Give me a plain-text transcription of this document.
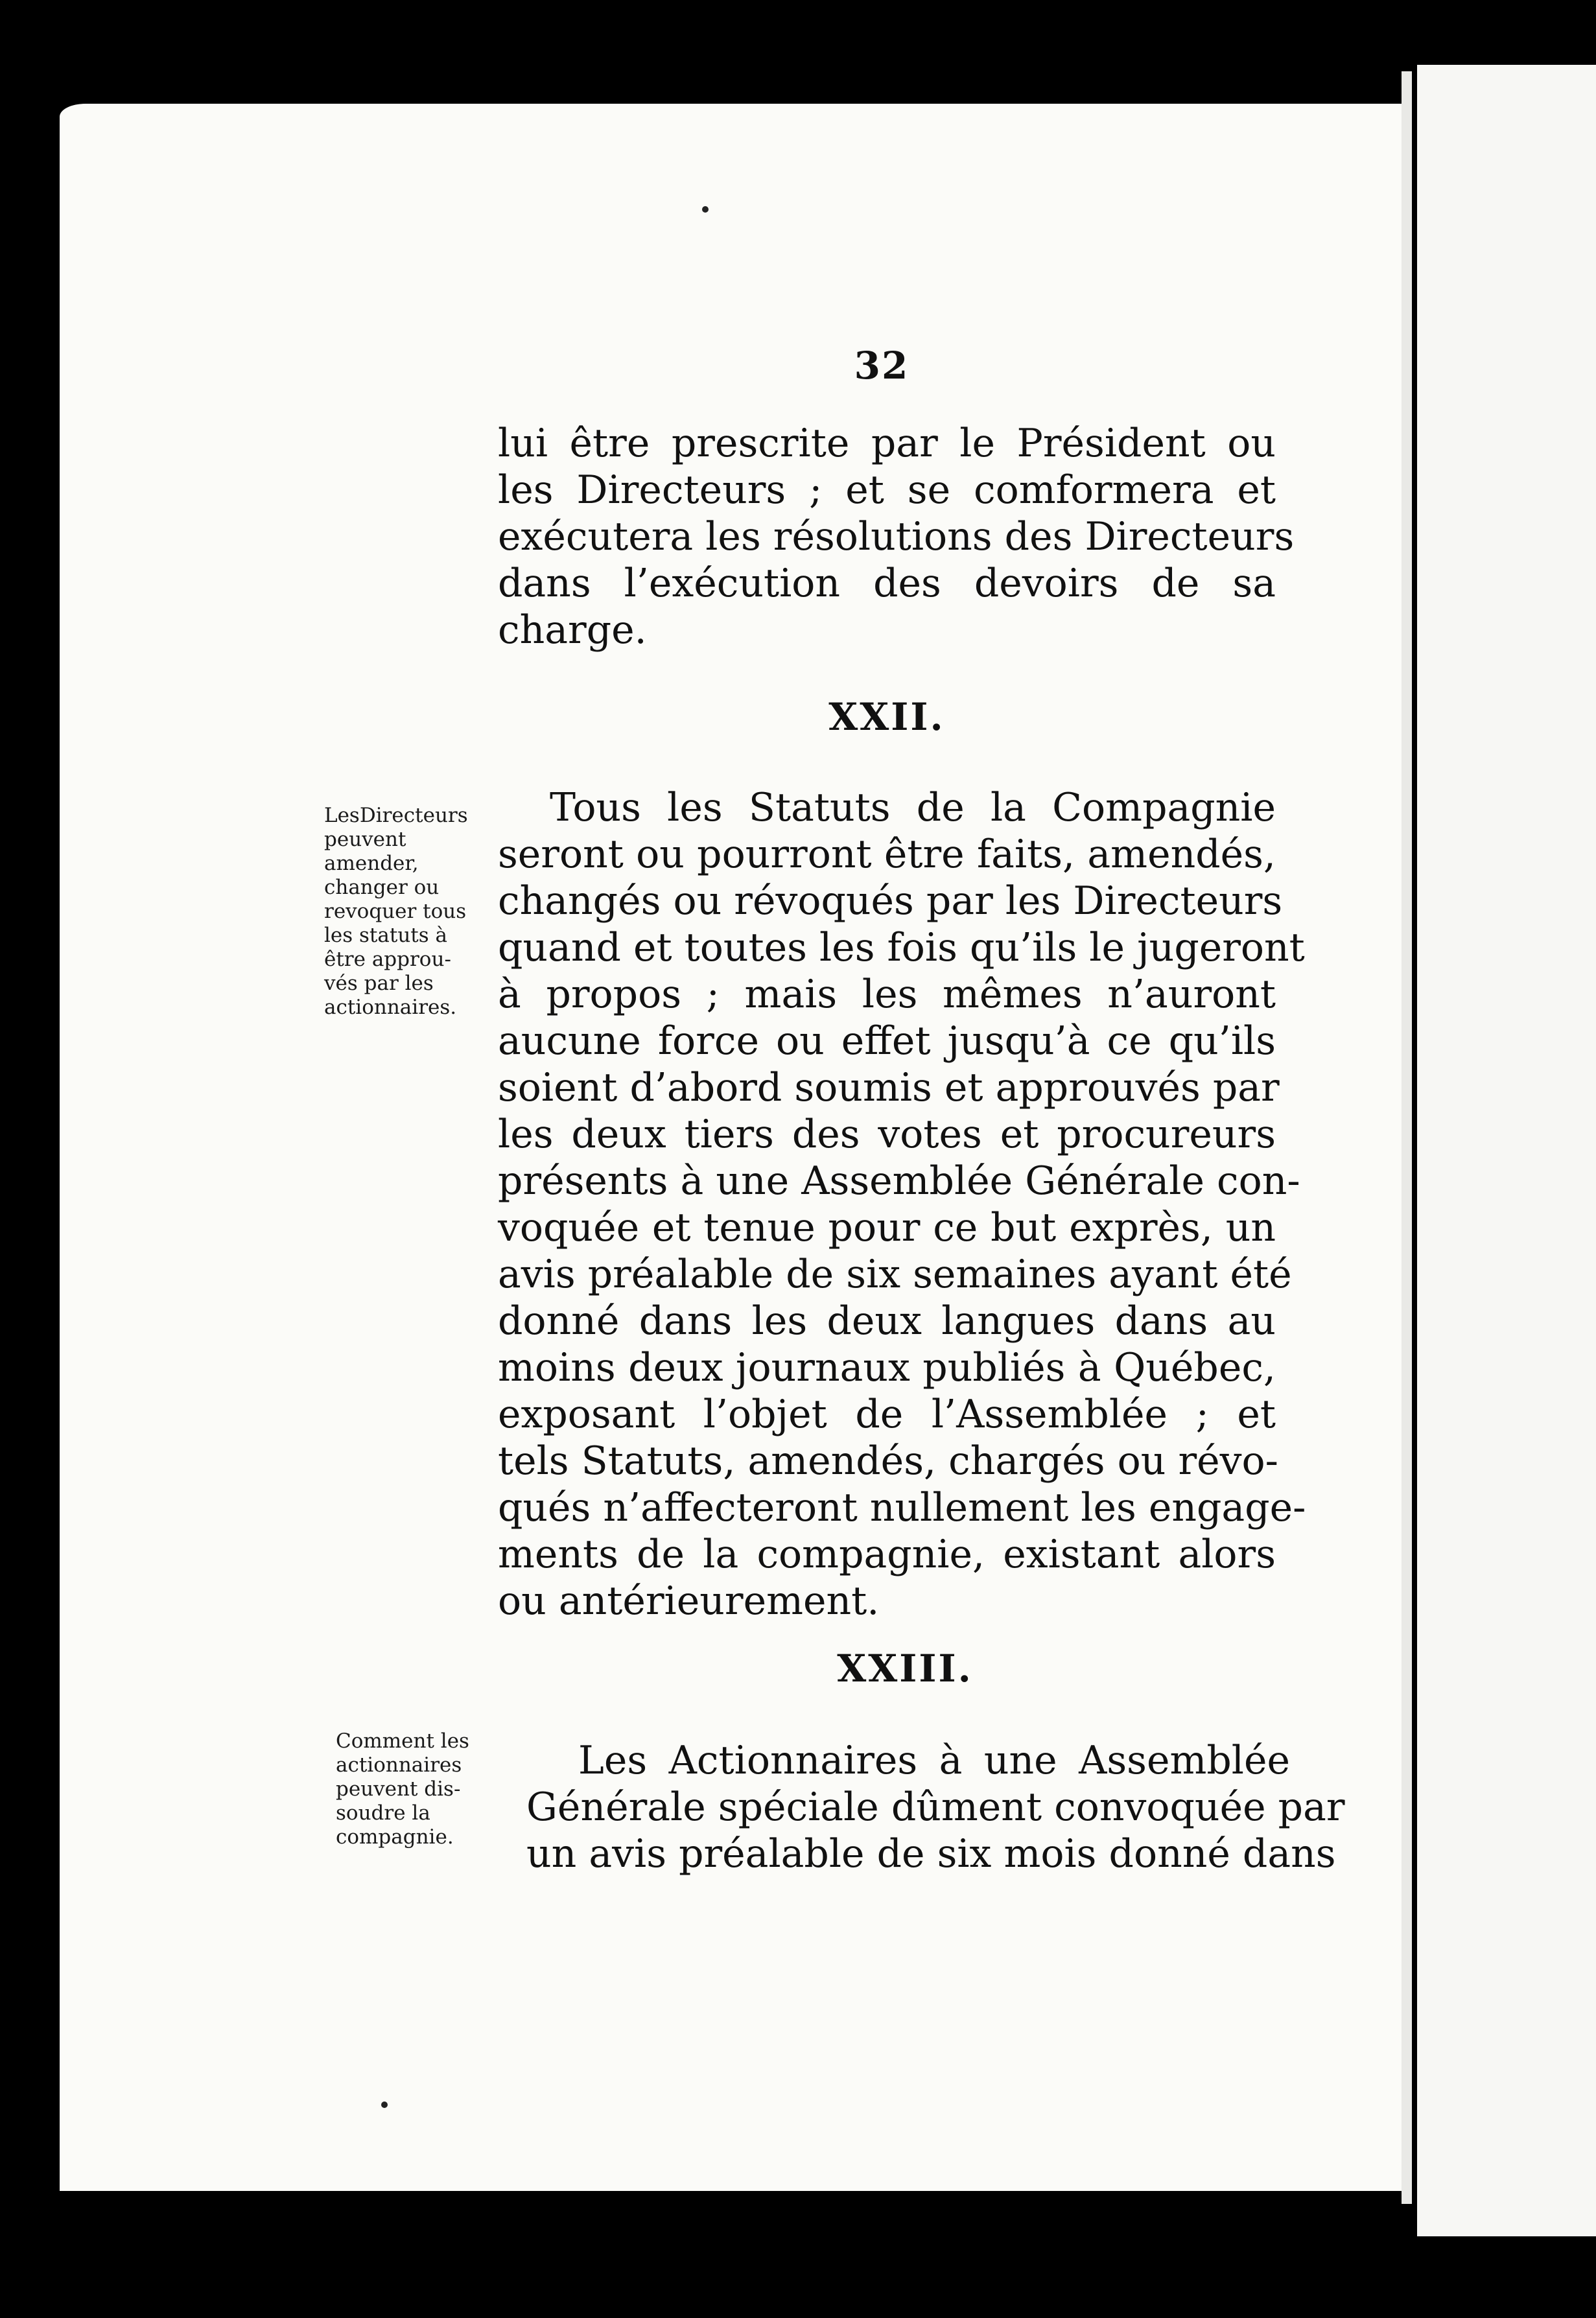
32
lui être prescrite par le Président ou
les Directeurs ; et se comformera et
exécutera les résolutions des Directeurs
dans l’exécution des devoirs de sa
charge.
XXII.
LesDirecteurs
peuvent
amender,
changer ou
revoquer tous
les statuts à
être approu-
vés par les
actionnaires.
Tous les Statuts de la Compagnie
seront ou pourront être faits, amendés,
changés ou révoqués par les Directeurs
quand et toutes les fois qu’ils le jugeront
à propos ; mais les mêmes n’auront
aucune force ou effet jusqu’à ce qu’ils
soient d’abord soumis et approuvés par
les deux tiers des votes et procureurs
présents à une Assemblée Générale con-
voquée et tenue pour ce but exprès, un
avis préalable de six semaines ayant été
donné dans les deux langues dans au
moins deux journaux publiés à Québec,
exposant l’objet de l’Assemblée ; et
tels Statuts, amendés, chargés ou révo-
qués n’affecteront nullement les engage-
ments de la compagnie, existant alors
ou antérieurement.
XXIII.
Comment les
actionnaires
peuvent dis-
soudre la
compagnie.
Les Actionnaires à une Assemblée
Générale spéciale dûment convoquée par
un avis préalable de six mois donné dans
